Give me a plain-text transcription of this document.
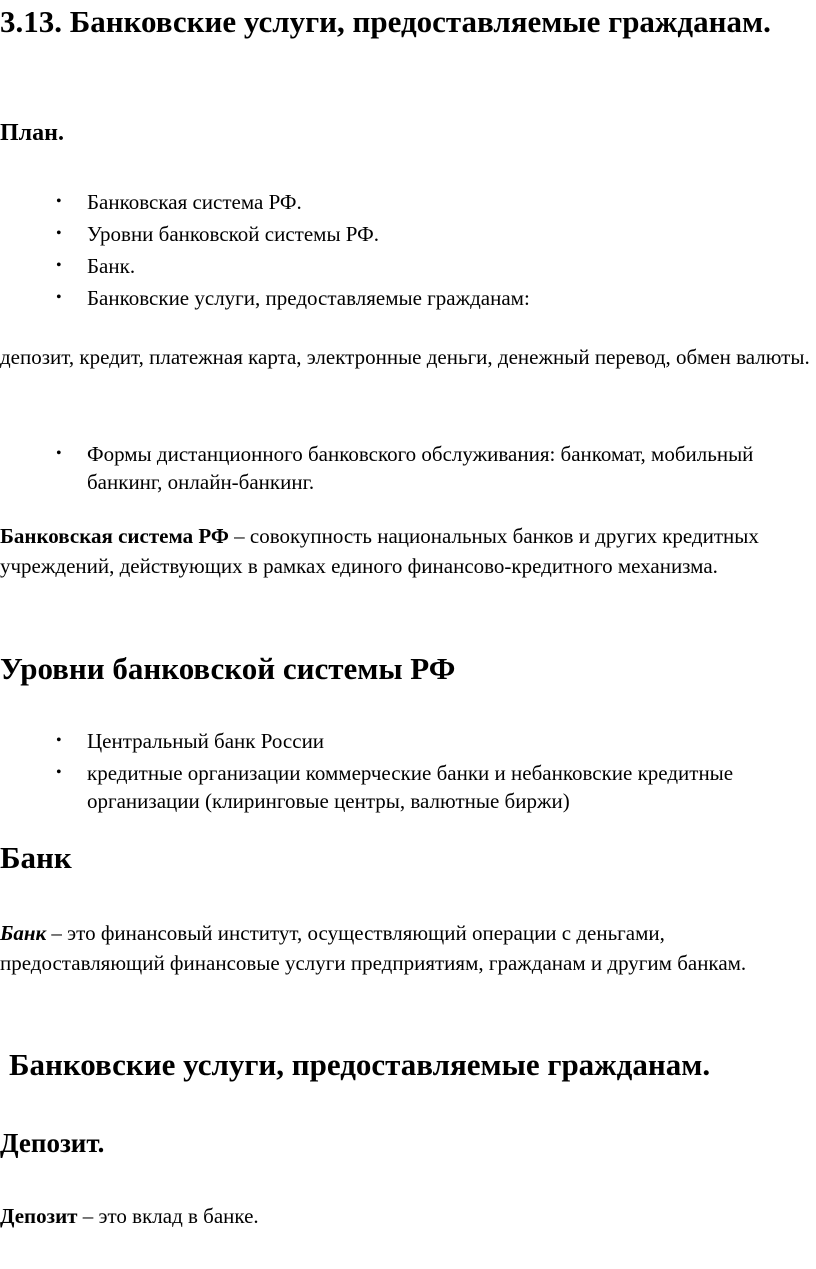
3.13. Банковские услуги, предоставляемые гражданам.
План.
• Банковская система РФ.
• Уровни банковской системы РФ.
• Банк.
• Банковские услуги, предоставляемые гражданам:

депозит, кредит, платежная карта, электронные деньги, денежный перевод, обмен валюты.

• Формы дистанционного банковского обслуживания: банкомат, мобильный банкинг, онлайн-банкинг.

Банковская система РФ – совокупность национальных банков и других кредитных учреждений, действующих в рамках единого финансово-кредитного механизма.

Уровни банковской системы РФ
• Центральный банк России
• кредитные организации коммерческие банки и небанковские кредитные организации (клиринговые центры, валютные биржи)
Банк

Банк – это финансовый институт, осуществляющий операции с деньгами, предоставляющий финансовые услуги предприятиям, гражданам и другим банкам.

Банковские услуги, предоставляемые гражданам.
Депозит.

Депозит – это вклад в банке.
